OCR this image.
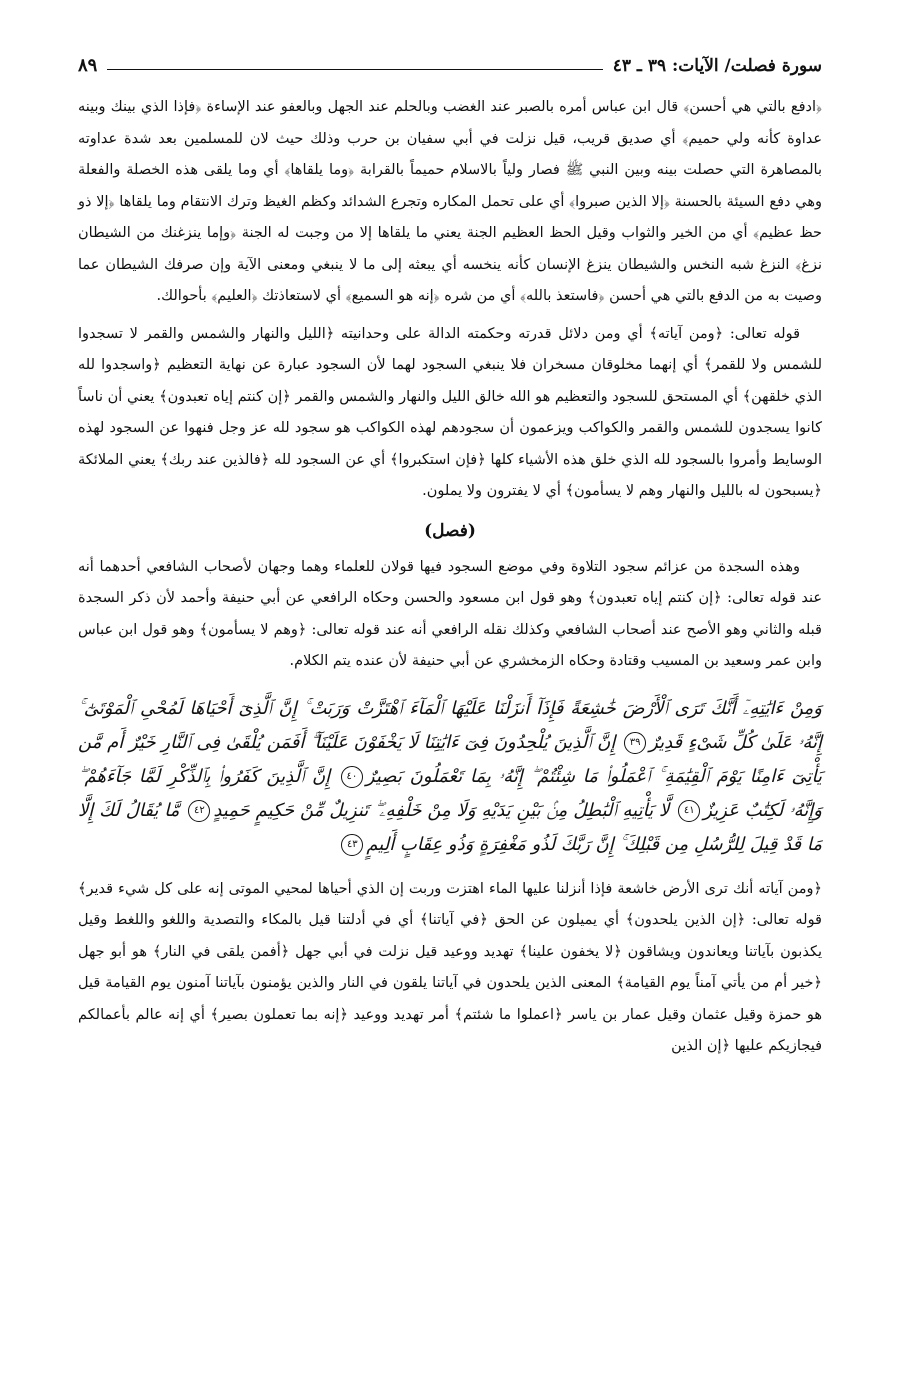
سورة فصلت/ الآيات: ٣٩ ـ ٤٣
٨٩

﴿ادفع بالتي هي أحسن﴾ قال ابن عباس أمره بالصبر عند الغضب وبالحلم عند الجهل وبالعفو عند الإساءة ﴿فإذا الذي بينك وبينه عداوة كأنه ولي حميم﴾ أي صديق قريب، قيل نزلت في أبي سفيان بن حرب وذلك حيث لان للمسلمين بعد شدة عداوته بالمصاهرة التي حصلت بينه وبين النبي ﷺ فصار ولياً بالاسلام حميماً بالقرابة ﴿وما يلقاها﴾ أي وما يلقى هذه الخصلة والفعلة وهي دفع السيئة بالحسنة ﴿إلا الذين صبروا﴾ أي على تحمل المكاره وتجرع الشدائد وكظم الغيظ وترك الانتقام وما يلقاها ﴿إلا ذو حظ عظيم﴾ أي من الخير والثواب وقيل الحظ العظيم الجنة يعني ما يلقاها إلا من وجبت له الجنة ﴿وإما ينزغنك من الشيطان نزغ﴾ النزغ شبه النخس والشيطان ينزغ الإنسان كأنه ينخسه أي يبعثه إلى ما لا ينبغي ومعنى الآية وإن صرفك الشيطان عما وصيت به من الدفع بالتي هي أحسن ﴿فاستعذ بالله﴾ أي من شره ﴿إنه هو السميع﴾ أي لاستعاذتك ﴿العليم﴾ بأحوالك.

قوله تعالى: ﴿ومن آياته﴾ أي ومن دلائل قدرته وحكمته الدالة على وحدانيته ﴿الليل والنهار والشمس والقمر لا تسجدوا للشمس ولا للقمر﴾ أي إنهما مخلوقان مسخران فلا ينبغي السجود لهما لأن السجود عبارة عن نهاية التعظيم ﴿واسجدوا لله الذي خلقهن﴾ أي المستحق للسجود والتعظيم هو الله خالق الليل والنهار والشمس والقمر ﴿إن كنتم إياه تعبدون﴾ يعني أن ناساً كانوا يسجدون للشمس والقمر والكواكب ويزعمون أن سجودهم لهذه الكواكب هو سجود لله عز وجل فنهوا عن السجود لهذه الوسايط وأمروا بالسجود لله الذي خلق هذه الأشياء كلها ﴿فإن استكبروا﴾ أي عن السجود لله ﴿فالذين عند ربك﴾ يعني الملائكة ﴿يسبحون له بالليل والنهار وهم لا يسأمون﴾ أي لا يفترون ولا يملون.

(فصل)

وهذه السجدة من عزائم سجود التلاوة وفي موضع السجود فيها قولان للعلماء وهما وجهان لأصحاب الشافعي أحدهما أنه عند قوله تعالى: ﴿إن كنتم إياه تعبدون﴾ وهو قول ابن مسعود والحسن وحكاه الرافعي عن أبي حنيفة وأحمد لأن ذكر السجدة قبله والثاني وهو الأصح عند أصحاب الشافعي وكذلك نقله الرافعي أنه عند قوله تعالى: ﴿وهم لا يسأمون﴾ وهو قول ابن عباس وابن عمر وسعيد بن المسيب وقتادة وحكاه الزمخشري عن أبي حنيفة لأن عنده يتم الكلام.

وَمِنْ ءَايَٰتِهِۦٓ أَنَّكَ تَرَى ٱلْأَرْضَ خَٰشِعَةً فَإِذَآ أَنزَلْنَا عَلَيْهَا ٱلْمَآءَ ٱهْتَزَّتْ وَرَبَتْ ۚ إِنَّ ٱلَّذِىٓ أَحْيَاهَا لَمُحْىِ ٱلْمَوْتَىٰٓ ۚ إِنَّهُۥ عَلَىٰ كُلِّ شَىْءٍ قَدِيرٌ٣٩ إِنَّ ٱلَّذِينَ يُلْحِدُونَ فِىٓ ءَايَٰتِنَا لَا يَخْفَوْنَ عَلَيْنَآ ۗ أَفَمَن يُلْقَىٰ فِى ٱلنَّارِ خَيْرٌ أَم مَّن يَأْتِىٓ ءَامِنًا يَوْمَ ٱلْقِيَٰمَةِ ۚ ٱعْمَلُوا۟ مَا شِئْتُمْ ۖ إِنَّهُۥ بِمَا تَعْمَلُونَ بَصِيرٌ٤٠ إِنَّ ٱلَّذِينَ كَفَرُوا۟ بِٱلذِّكْرِ لَمَّا جَآءَهُمْ ۖ وَإِنَّهُۥ لَكِتَٰبٌ عَزِيزٌ٤١ لَّا يَأْتِيهِ ٱلْبَٰطِلُ مِنۢ بَيْنِ يَدَيْهِ وَلَا مِنْ خَلْفِهِۦ ۖ تَنزِيلٌ مِّنْ حَكِيمٍ حَمِيدٍ٤٢ مَّا يُقَالُ لَكَ إِلَّا مَا قَدْ قِيلَ لِلرُّسُلِ مِن قَبْلِكَ ۚ إِنَّ رَبَّكَ لَذُو مَغْفِرَةٍ وَذُو عِقَابٍ أَلِيمٍ٤٣

﴿ومن آياته أنك ترى الأرض خاشعة فإذا أنزلنا عليها الماء اهتزت وربت إن الذي أحياها لمحيي الموتى إنه على كل شيء قدير﴾ قوله تعالى: ﴿إن الذين يلحدون﴾ أي يميلون عن الحق ﴿في آياتنا﴾ أي في أدلتنا قيل بالمكاء والتصدية واللغو واللغط وقيل يكذبون بآياتنا ويعاندون ويشاقون ﴿لا يخفون علينا﴾ تهديد ووعيد قيل نزلت في أبي جهل ﴿أفمن يلقى في النار﴾ هو أبو جهل ﴿خير أم من يأتي آمناً يوم القيامة﴾ المعنى الذين يلحدون في آياتنا يلقون في النار والذين يؤمنون بآياتنا آمنون يوم القيامة قيل هو حمزة وقيل عثمان وقيل عمار بن ياسر ﴿اعملوا ما شئتم﴾ أمر تهديد ووعيد ﴿إنه بما تعملون بصير﴾ أي إنه عالم بأعمالكم فيجازيكم عليها ﴿إن الذين
